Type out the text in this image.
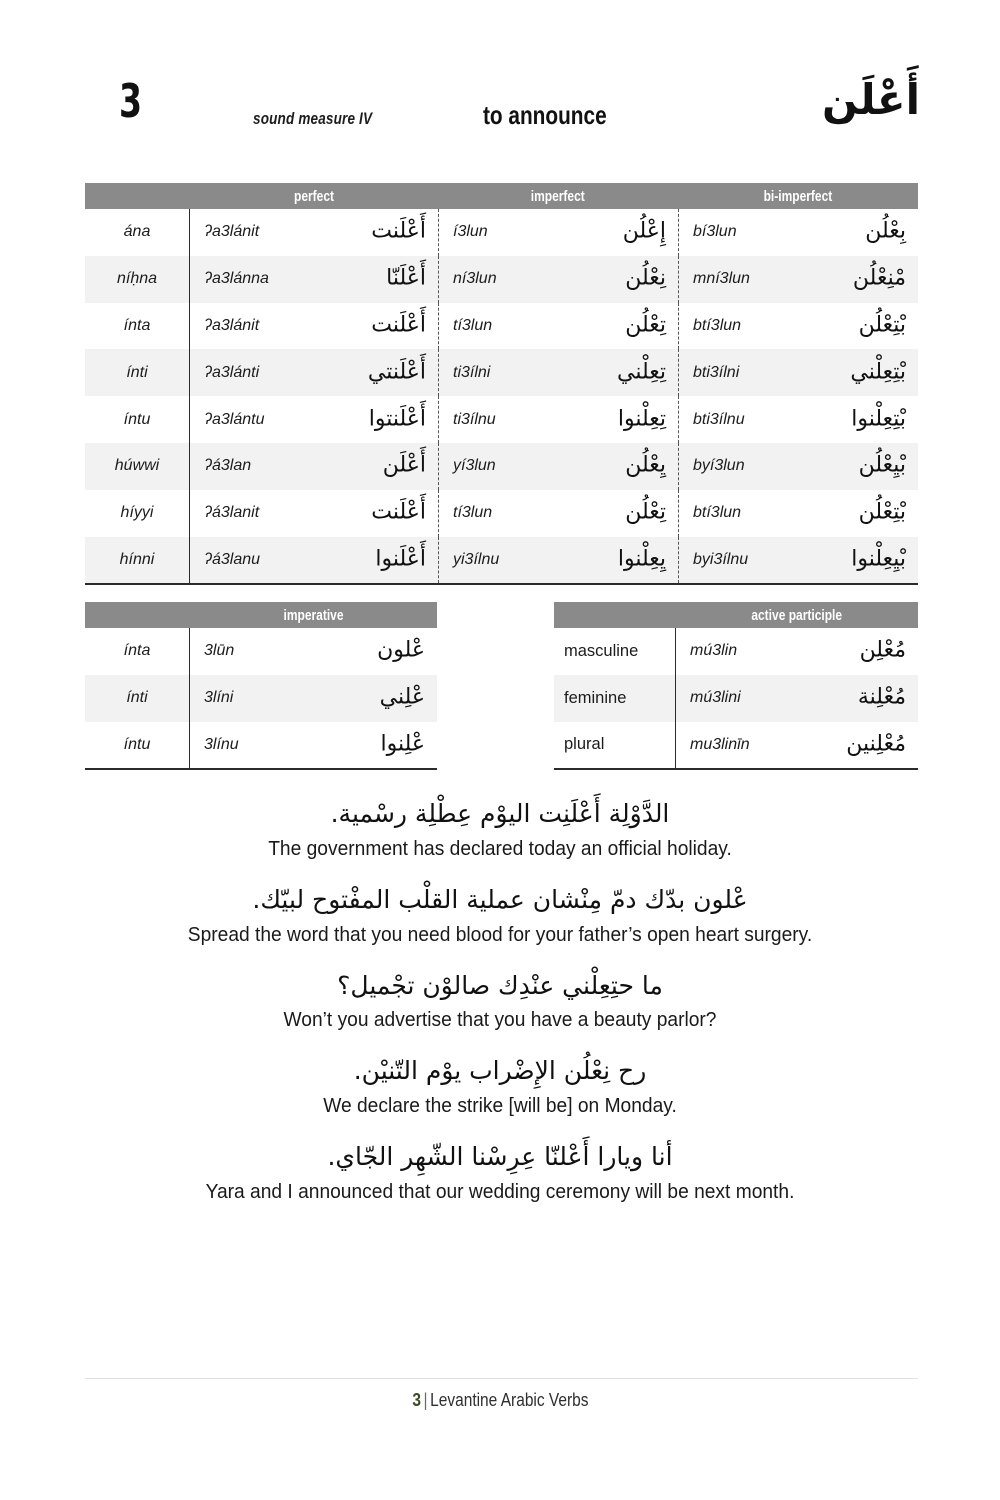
3	sound measure IV	to announce	أَعْلَن
perfect	imperfect	bi-imperfect
ána	ʔa3lánit	أَعْلَنت í3lun	إِعْلُن bí3lun	بِعْلُن
níḥna	ʔa3lánna	أَعْلَنّا ní3lun	نِعْلُن mní3lun	مْنِعْلُن
ínta	ʔa3lánit	أَعْلَنت tí3lun	تِعْلُن btí3lun	بْتِعْلُن
ínti	ʔa3lánti	أَعْلَنتي ti3ílni	تِعِلْني bti3ílni	بْتِعِلْني
íntu	ʔa3lántu	أَعْلَنتوا ti3ílnu	تِعِلْنوا bti3ílnu	بْتِعِلْنوا
húwwi	ʔá3lan	أَعْلَن yí3lun	يِعْلُن byí3lun	بْيِعْلُن
híyyi	ʔá3lanit	أَعْلَنت tí3lun	تِعْلُن btí3lun	بْتِعْلُن
hínni	ʔá3lanu	أَعْلَنوا yi3ílnu	يِعِلْنوا byi3ílnu	بْيِعِلْنوا
imperative
ínta	3lūn	عْلون
ínti	3líni	عْلِني
íntu	3línu	عْلِنوا
active participle
masculine	mú3lin	مُعْلِن
feminine	mú3lini	مُعْلِنة
plural	mu3linīn	مُعْلِنين
الدَّوْلِة أَعْلَنِت اليوْم عِطْلِة رسْمية.
The government has declared today an official holiday.
عْلون بدّك دمّ مِنْشان عملية القلْب المفْتوح لبيّك.
Spread the word that you need blood for your father’s open heart surgery.
ما حتِعِلْني عنْدِك صالوْن تجْميل؟
Won’t you advertise that you have a beauty parlor?
رح نِعْلُن الإِضْراب يوْم التّنيْن.
We declare the strike [will be] on Monday.
أنا ويارا أَعْلنّا عِرِسْنا الشّهِر الجّاي.
Yara and I announced that our wedding ceremony will be next month.
3 | Levantine Arabic Verbs
